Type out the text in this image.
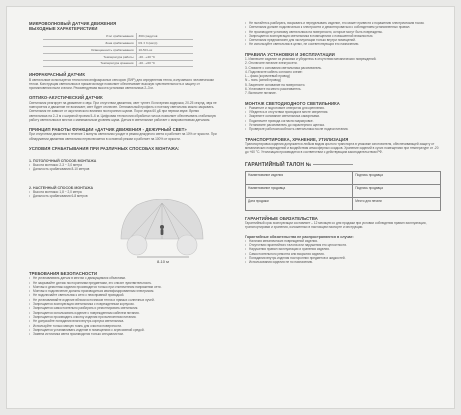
МИКРОВОЛНОВЫЙ ДАТЧИК ДВИЖЕНИЯ
ВЫХОДНЫЕ ХАРАКТЕРИСТИКИ
Угол срабатывания	360 градусов
Зона срабатывания	R1 ± 3 (метр)
Освещенность срабатывания	10-50 Lux
Температура работы	-20...+40 °С
Температура хранения	-20...+60 °С
ИНФРАКРАСНЫЙ ДАТЧИК
В светильнике используется технология инфракрасных сенсоров (ПИР) для определения тепла, излучаемого человеческим телом. Конструкция светильника в прижатом виде позволяет обеспечивает высокую чувствительность и защиту от проникновения пыли и влаги. Рекомендуемая высота установки светильника 2–3 м.
ОПТИКО-АКУСТИЧЕСКИЙ ДАТЧИК
Светильник реагирует на движение и звук. При отсутствии движения, свет тухнет. Если время задержки, 20-25 секунд, звук не повторяется и движение не возникает, свет будет отключен. Оптимальный профиль и поэтому светильник можно закрывать. Светильник не зависит от акустического влияния посторонних шумов. Порог звука 60 дБ при первом звуке. Время светильника на 2–3 м с шириной проема 5–6 м. Цифровая технология обработки голоса позволяет обеспечивать стабильную работу светильника в местах с минимальным уровнем шума. Датчик в светильнике работает с микроволновым датчиком.
ПРИНЦИП РАБОТЫ ФУНКЦИИ «ДАТЧИК ДВИЖЕНИЯ - ДЕЖУРНЫЙ СВЕТ»
При отсутствии движения в течение 1 минуты светильник уходит в режим дежурного света и работает на 10% от яркости. При обнаружении движения светильник переключается в основной режим и работает на 100% от яркости.
УСЛОВИЯ СРАБАТЫВАНИЯ ПРИ РАЗЛИЧНЫХ СПОСОБАХ МОНТАЖА:
1. ПОТОЛОЧНЫЙ СПОСОБ МОНТАЖА
• Высота монтажа: 2-3 ~ 3,0 метра
• Дальность срабатывания 8-10 метров
2. НАСТЕННЫЙ СПОСОБ МОНТАЖА
• Высота монтажа: 1,8 ~ 2,0 метра
• Дальность срабатывания 6-8 метров
8-10 м
ТРЕБОВАНИЯ БЕЗОПАСНОСТИ
• Не устанавливать датчик в местах с движущимися объектами.
• Не закрывайте датчик посторонними предметами, это снизит чувствительность.
• Монтаж и демонтаж изделия производится только при отключенном напряжении сети.
• Монтаж и подключение должны производиться квалифицированным электриком.
• Не подключайте светильник к сети с неисправной проводкой.
• Не устанавливайте изделие вблизи источников тепла и прямых солнечных лучей.
• Запрещается эксплуатация светильника с поврежденным корпусом.
• Запрещается самостоятельно разбирать и ремонтировать светильник.
• Запрещается использовать изделие с поврежденным кабелем питания.
• Запрещается производить очистку изделия при включенном питании.
• Не допускайте попадания влаги внутрь корпуса светильника.
• Используйте только мягкую ткань для очистки поверхности.
• Запрещается устанавливать изделие в помещениях с агрессивной средой.
• Замена источника света производится только специалистом.
• Не пытайтесь разбирать, вскрывать и переделывать изделие, это может привести к поражению электрическим током.
• Светильник должен подключаться к электросети и демонтироваться с соблюдением установленных правил.
• Не производите установку светильника на поверхности, которые могут быть повреждены.
• Запрещается эксплуатация светильника в помещениях с повышенной влажностью.
• Светильник предназначен для эксплуатации только внутри помещений.
• Не используйте светильник в целях, не соответствующих его назначению.
ПРАВИЛА УСТАНОВКИ И ЭКСПЛУАТАЦИИ
1. Извлеките изделие из упаковки и убедитесь в отсутствии механических повреждений.
2. Отключите питание электросети.
3. Снимите с основания светильника рассеиватель.
4. Подключите кабель согласно схеме:
L – фаза (коричневый провод)
N – ноль (синий провод)
5. Закрепите основание на поверхности.
6. Установите на место рассеиватель.
7. Включите питание.
МОНТАЖ СВЕТОДИОДНОГО СВЕТИЛЬНИКА
• Разметьте и подготовьте отверстия для крепления.
• Убедитесь в отсутствии проводки в месте сверления.
• Закрепите основание светильника саморезами.
• Подключите провода согласно маркировке.
• Установите рассеиватель до характерного щелчка.
• Проверьте работоспособность светильника после подачи питания.
ТРАНСПОРТИРОВКА, ХРАНЕНИЕ, УТИЛИЗАЦИЯ
Транспортировка изделия допускается любым видом крытого транспорта в упаковке изготовителя, обеспечивающей защиту от механических повреждений и воздействия атмосферных осадков. Хранение изделий в сухих помещениях при температуре от -20 до +60 °С. Утилизация производится в соответствии с действующим законодательством РФ.
ГАРАНТИЙНЫЙ ТАЛОН №
Наименование изделия	Подпись продавца
Наименование продавца	Подпись продавца
Дата продажи	Место для печати
ГАРАНТИЙНЫЕ ОБЯЗАТЕЛЬСТВА
Гарантийный срок эксплуатации составляет – 12 месяцев со дня продажи при условии соблюдения правил эксплуатации, транспортировки и хранения, изложенных в настоящем паспорте и инструкции.
Гарантийные обязательства не распространяются в случае:
• Наличия механических повреждений изделия.
• Отсутствия гарантийного талона или нарушения его целостности.
• Нарушения правил эксплуатации и хранения изделия.
• Самостоятельного ремонта или вскрытия изделия.
• Попадания внутрь изделия посторонних предметов и жидкостей.
• Использования изделия не по назначению.
